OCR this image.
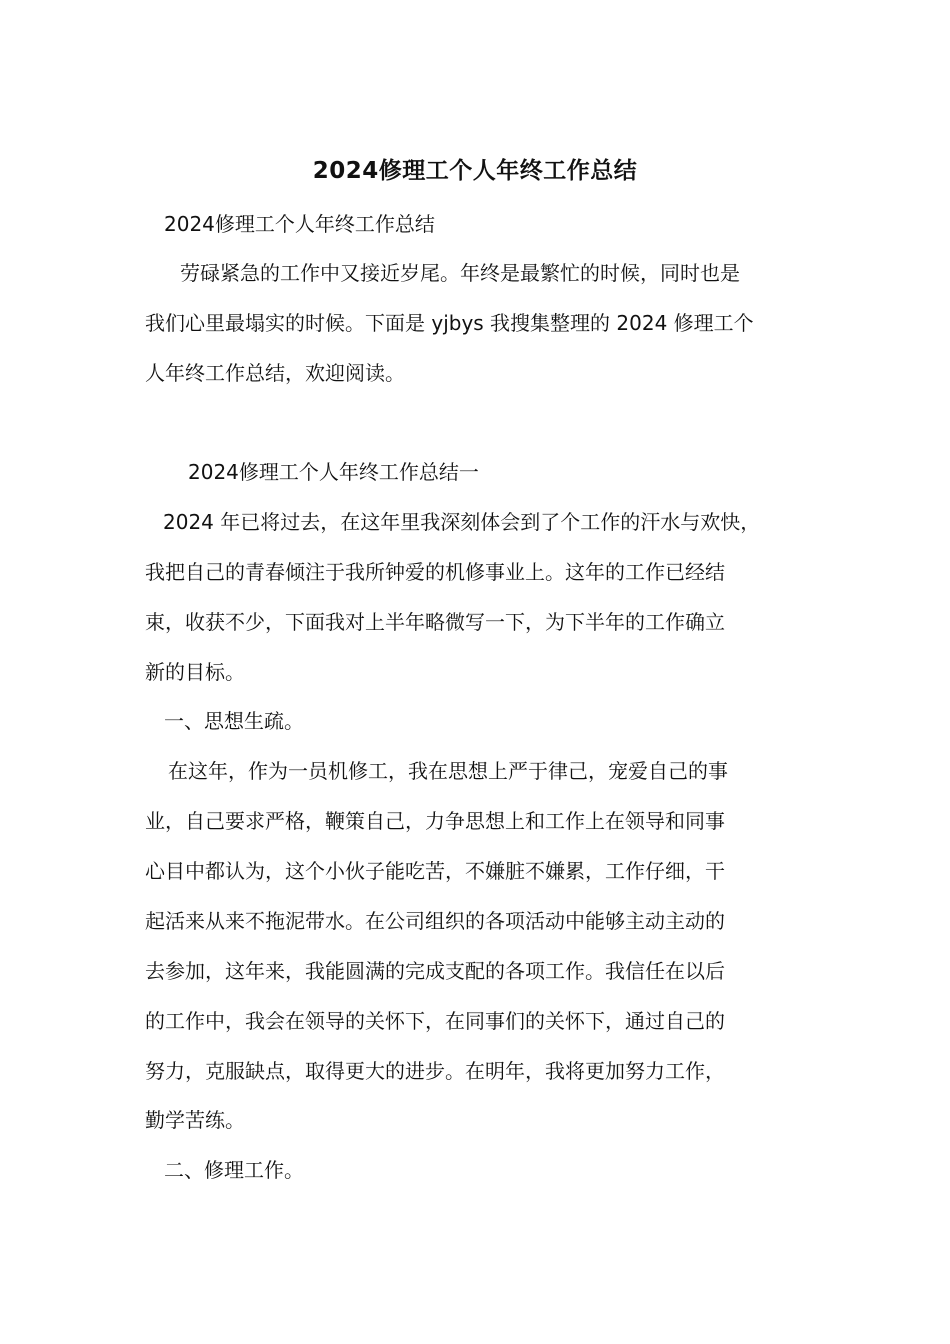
2024修理工个人年终工作总结
2024修理工个人年终工作总结
劳碌紧急的工作中又接近岁尾。年终是最繁忙的时候，同时也是
我们心里最塌实的时候。下面是 yjbys 我搜集整理的 2024 修理工个
人年终工作总结，欢迎阅读。
2024修理工个人年终工作总结一
2024 年已将过去，在这年里我深刻体会到了个工作的汗水与欢快，
我把自己的青春倾注于我所钟爱的机修事业上。这年的工作已经结
束，收获不少，下面我对上半年略微写一下，为下半年的工作确立
新的目标。
一、思想生疏。
在这年，作为一员机修工，我在思想上严于律己，宠爱自己的事
业，自己要求严格，鞭策自己，力争思想上和工作上在领导和同事
心目中都认为，这个小伙子能吃苦，不嫌脏不嫌累，工作仔细，干
起活来从来不拖泥带水。在公司组织的各项活动中能够主动主动的
去参加，这年来，我能圆满的完成支配的各项工作。我信任在以后
的工作中，我会在领导的关怀下，在同事们的关怀下，通过自己的
努力，克服缺点，取得更大的进步。在明年，我将更加努力工作，
勤学苦练。
二、修理工作。
